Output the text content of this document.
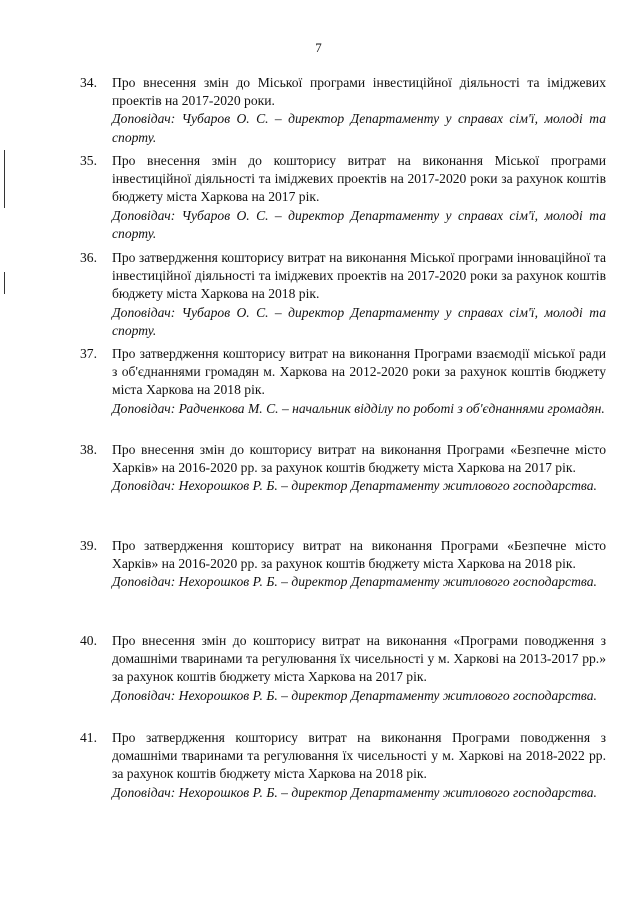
7
34.	Про внесення змін до Міської програми інвестиційної діяльності та іміджевих проектів на 2017-2020 роки.
Доповідач: Чубаров О. С. – директор Департаменту у справах сім'ї, молоді та спорту.
35.	Про внесення змін до кошторису витрат на виконання Міської програми інвестиційної діяльності та іміджевих проектів на 2017-2020 роки за рахунок коштів бюджету міста Харкова на 2017 рік.
Доповідач: Чубаров О. С. – директор Департаменту у справах сім'ї, молоді та спорту.
36.	Про затвердження кошторису витрат на виконання Міської програми інноваційної та інвестиційної діяльності та іміджевих проектів на 2017-2020 роки за рахунок коштів бюджету міста Харкова на 2018 рік.
Доповідач: Чубаров О. С. – директор Департаменту у справах сім'ї, молоді та спорту.
37.	Про затвердження кошторису витрат на виконання Програми взаємодії міської ради з об'єднаннями громадян м. Харкова на 2012-2020 роки за рахунок коштів бюджету міста Харкова на 2018 рік.
Доповідач: Радченкова М. С. – начальник відділу по роботі з об'єднаннями громадян.
38.	Про внесення змін до кошторису витрат на виконання Програми «Безпечне місто Харків» на 2016-2020 рр. за рахунок коштів бюджету міста Харкова на 2017 рік.
Доповідач: Нехорошков Р. Б. – директор Департаменту житлового господарства.
39.	Про затвердження кошторису витрат на виконання Програми «Безпечне місто Харків» на 2016-2020 рр. за рахунок коштів бюджету міста Харкова на 2018 рік.
Доповідач: Нехорошков Р. Б. – директор Департаменту житлового господарства.
40.	Про внесення змін до кошторису витрат на виконання «Програми поводження з домашніми тваринами та регулювання їх чисельності у м. Харкові на 2013-2017 рр.» за рахунок коштів бюджету міста Харкова на 2017 рік.
Доповідач: Нехорошков Р. Б. – директор Департаменту житлового господарства.
41.	Про затвердження кошторису витрат на виконання Програми поводження з домашніми тваринами та регулювання їх чисельності у м. Харкові на 2018-2022 рр. за рахунок коштів бюджету міста Харкова на 2018 рік.
Доповідач: Нехорошков Р. Б. – директор Департаменту житлового господарства.
